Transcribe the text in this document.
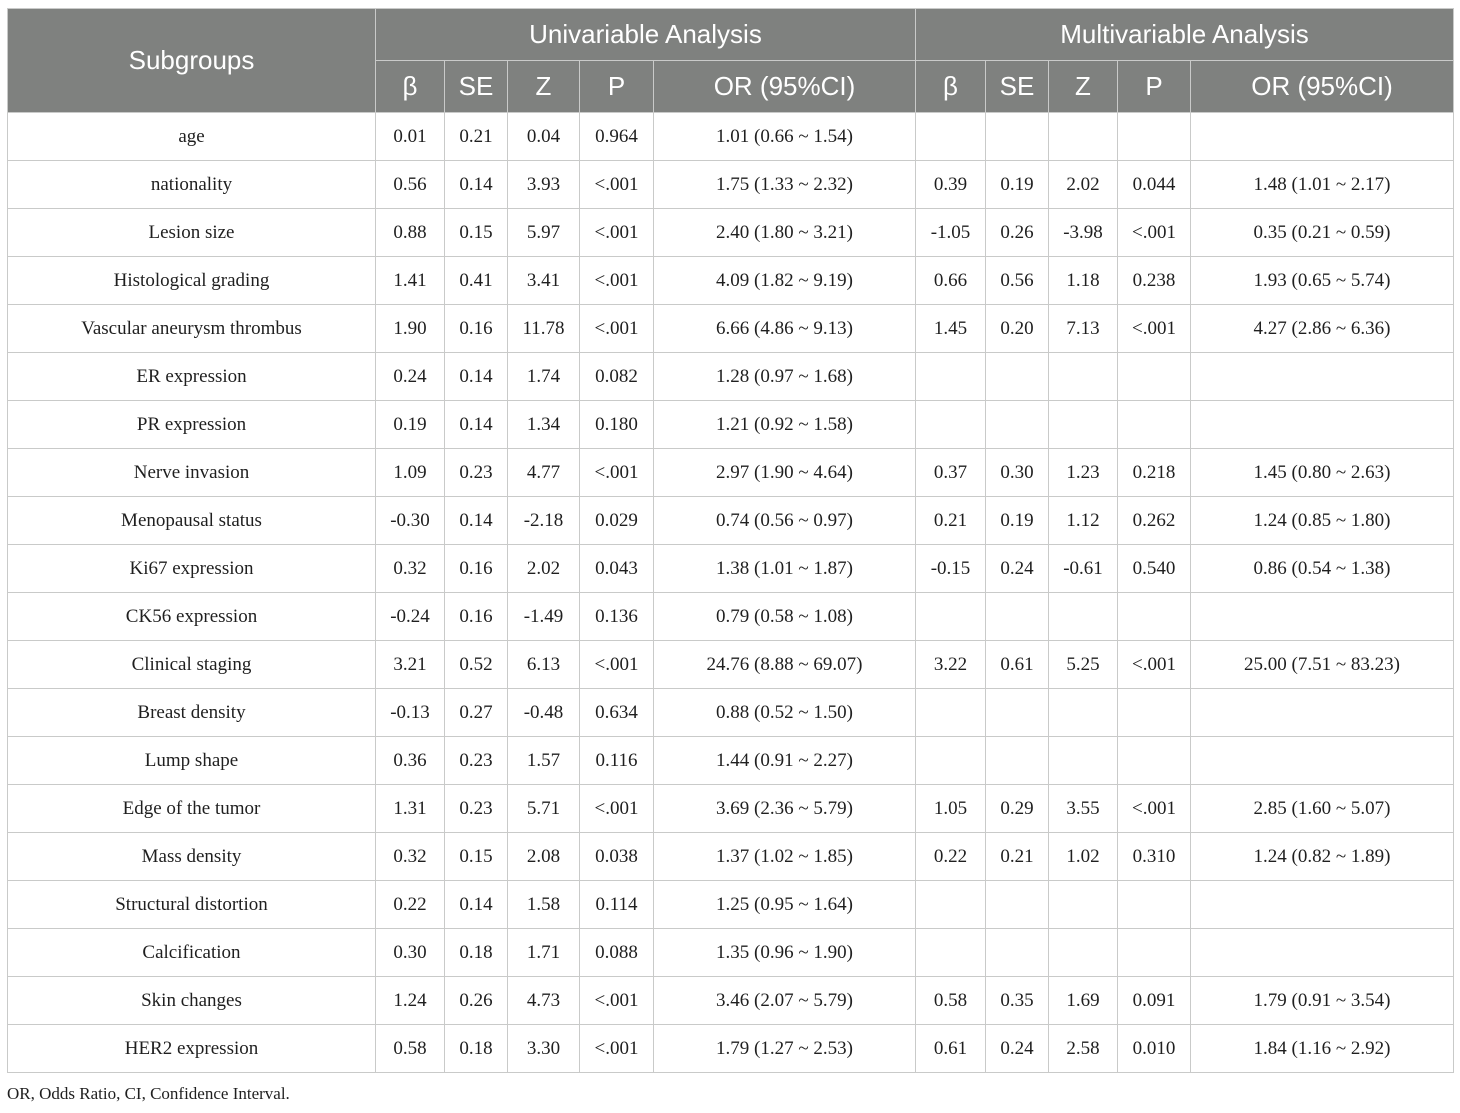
Subgroups	Univariable Analysis					Multivariable Analysis				
	β	SE	Z	P	OR (95%CI)	β	SE	Z	P	OR (95%CI)
age	0.01	0.21	0.04	0.964	1.01 (0.66 ~ 1.54)					
nationality	0.56	0.14	3.93	<.001	1.75 (1.33 ~ 2.32)	0.39	0.19	2.02	0.044	1.48 (1.01 ~ 2.17)
Lesion size	0.88	0.15	5.97	<.001	2.40 (1.80 ~ 3.21)	-1.05	0.26	-3.98	<.001	0.35 (0.21 ~ 0.59)
Histological grading	1.41	0.41	3.41	<.001	4.09 (1.82 ~ 9.19)	0.66	0.56	1.18	0.238	1.93 (0.65 ~ 5.74)
Vascular aneurysm thrombus	1.90	0.16	11.78	<.001	6.66 (4.86 ~ 9.13)	1.45	0.20	7.13	<.001	4.27 (2.86 ~ 6.36)
ER expression	0.24	0.14	1.74	0.082	1.28 (0.97 ~ 1.68)					
PR expression	0.19	0.14	1.34	0.180	1.21 (0.92 ~ 1.58)					
Nerve invasion	1.09	0.23	4.77	<.001	2.97 (1.90 ~ 4.64)	0.37	0.30	1.23	0.218	1.45 (0.80 ~ 2.63)
Menopausal status	-0.30	0.14	-2.18	0.029	0.74 (0.56 ~ 0.97)	0.21	0.19	1.12	0.262	1.24 (0.85 ~ 1.80)
Ki67 expression	0.32	0.16	2.02	0.043	1.38 (1.01 ~ 1.87)	-0.15	0.24	-0.61	0.540	0.86 (0.54 ~ 1.38)
CK56 expression	-0.24	0.16	-1.49	0.136	0.79 (0.58 ~ 1.08)					
Clinical staging	3.21	0.52	6.13	<.001	24.76 (8.88 ~ 69.07)	3.22	0.61	5.25	<.001	25.00 (7.51 ~ 83.23)
Breast density	-0.13	0.27	-0.48	0.634	0.88 (0.52 ~ 1.50)					
Lump shape	0.36	0.23	1.57	0.116	1.44 (0.91 ~ 2.27)					
Edge of the tumor	1.31	0.23	5.71	<.001	3.69 (2.36 ~ 5.79)	1.05	0.29	3.55	<.001	2.85 (1.60 ~ 5.07)
Mass density	0.32	0.15	2.08	0.038	1.37 (1.02 ~ 1.85)	0.22	0.21	1.02	0.310	1.24 (0.82 ~ 1.89)
Structural distortion	0.22	0.14	1.58	0.114	1.25 (0.95 ~ 1.64)					
Calcification	0.30	0.18	1.71	0.088	1.35 (0.96 ~ 1.90)					
Skin changes	1.24	0.26	4.73	<.001	3.46 (2.07 ~ 5.79)	0.58	0.35	1.69	0.091	1.79 (0.91 ~ 3.54)
HER2 expression	0.58	0.18	3.30	<.001	1.79 (1.27 ~ 2.53)	0.61	0.24	2.58	0.010	1.84 (1.16 ~ 2.92)
OR, Odds Ratio, CI, Confidence Interval.
